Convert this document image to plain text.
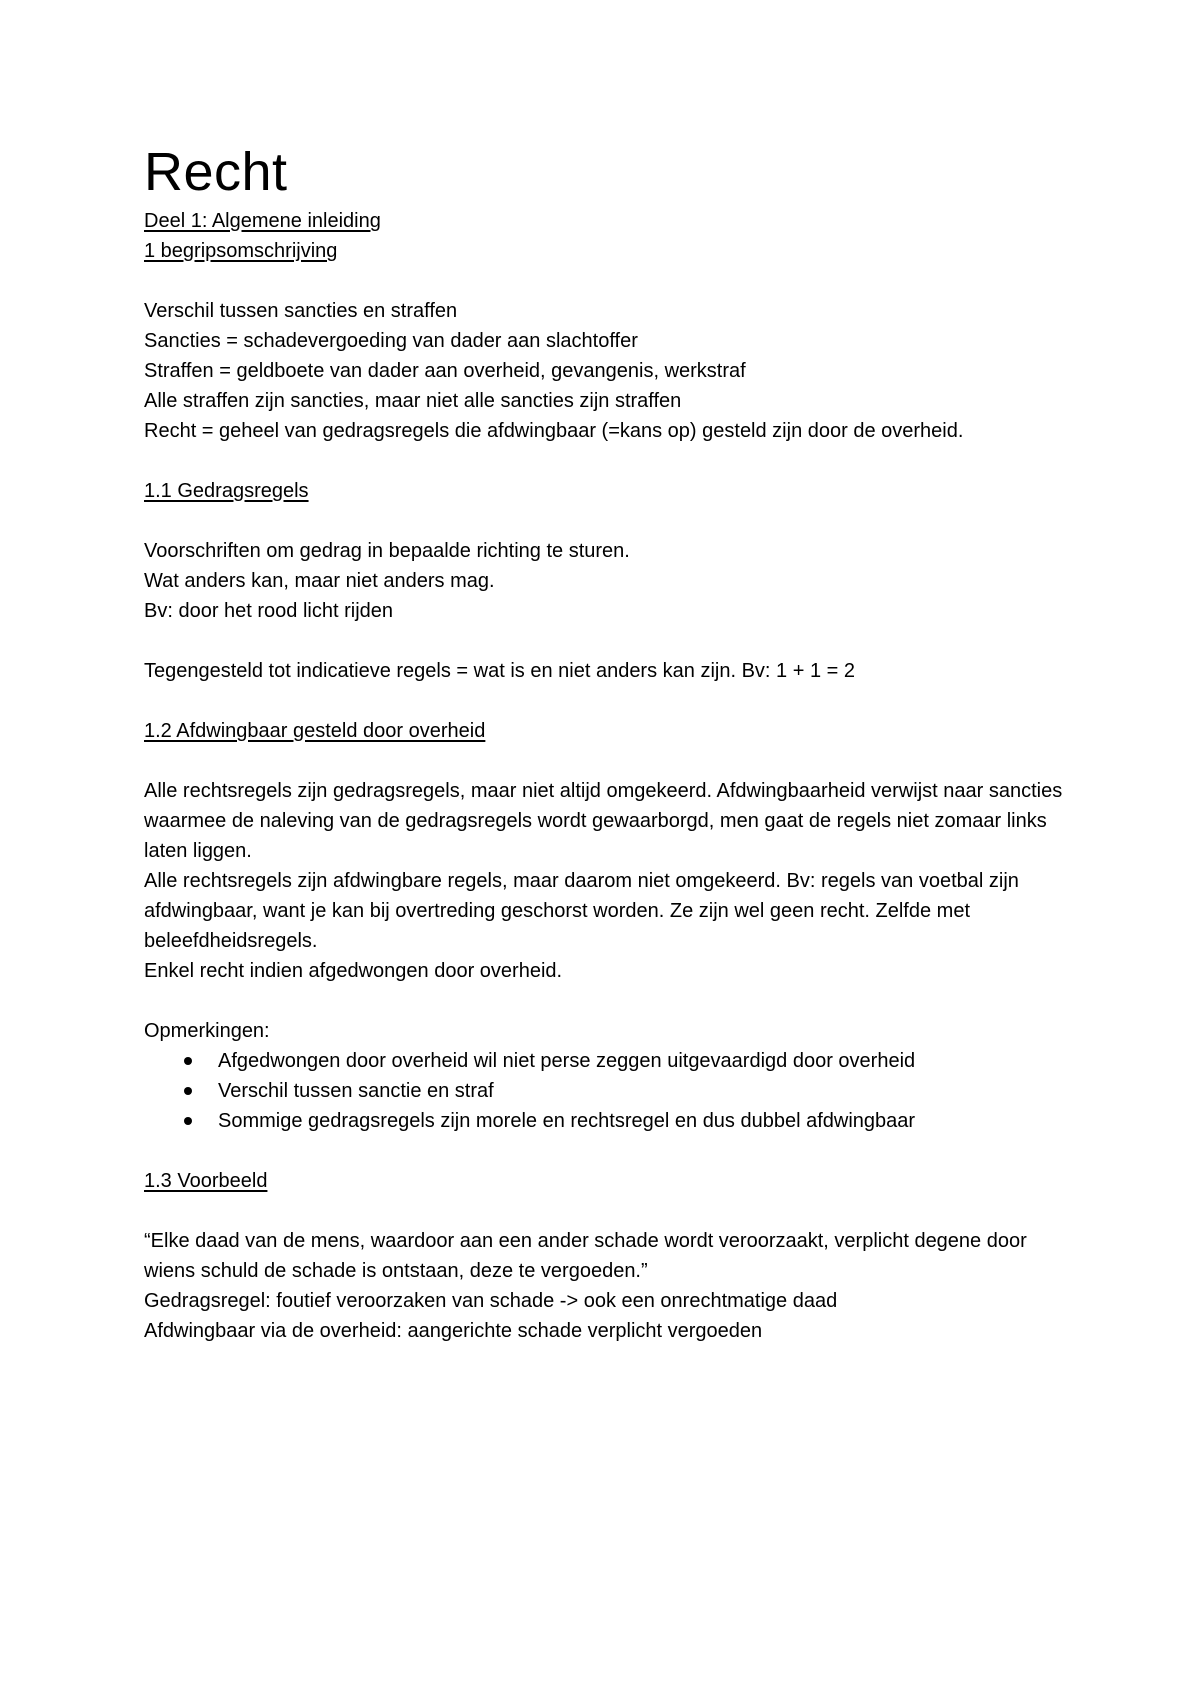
Recht

Deel 1: Algemene inleiding

1 begripsomschrijving

Verschil tussen sancties en straffen

Sancties = schadevergoeding van dader aan slachtoffer

Straffen = geldboete van dader aan overheid, gevangenis, werkstraf

Alle straffen zijn sancties, maar niet alle sancties zijn straffen

Recht = geheel van gedragsregels die afdwingbaar (=kans op) gesteld zijn door de overheid.

1.1 Gedragsregels

Voorschriften om gedrag in bepaalde richting te sturen.

Wat anders kan, maar niet anders mag.

Bv: door het rood licht rijden

Tegengesteld tot indicatieve regels = wat is en niet anders kan zijn. Bv: 1 + 1 = 2

1.2 Afdwingbaar gesteld door overheid

Alle rechtsregels zijn gedragsregels, maar niet altijd omgekeerd. Afdwingbaarheid verwijst naar sancties waarmee de naleving van de gedragsregels wordt gewaarborgd, men gaat de regels niet zomaar links laten liggen.

Alle rechtsregels zijn afdwingbare regels, maar daarom niet omgekeerd. Bv: regels van voetbal zijn afdwingbaar, want je kan bij overtreding geschorst worden. Ze zijn wel geen recht. Zelfde met beleefdheidsregels.

Enkel recht indien afgedwongen door overheid.

Opmerkingen:

Afgedwongen door overheid wil niet perse zeggen uitgevaardigd door overheid
Verschil tussen sanctie en straf
Sommige gedragsregels zijn morele en rechtsregel en dus dubbel afdwingbaar
1.3 Voorbeeld

“Elke daad van de mens, waardoor aan een ander schade wordt veroorzaakt, verplicht degene door wiens schuld de schade is ontstaan, deze te vergoeden.”

Gedragsregel: foutief veroorzaken van schade -> ook een onrechtmatige daad

Afdwingbaar via de overheid: aangerichte schade verplicht vergoeden
